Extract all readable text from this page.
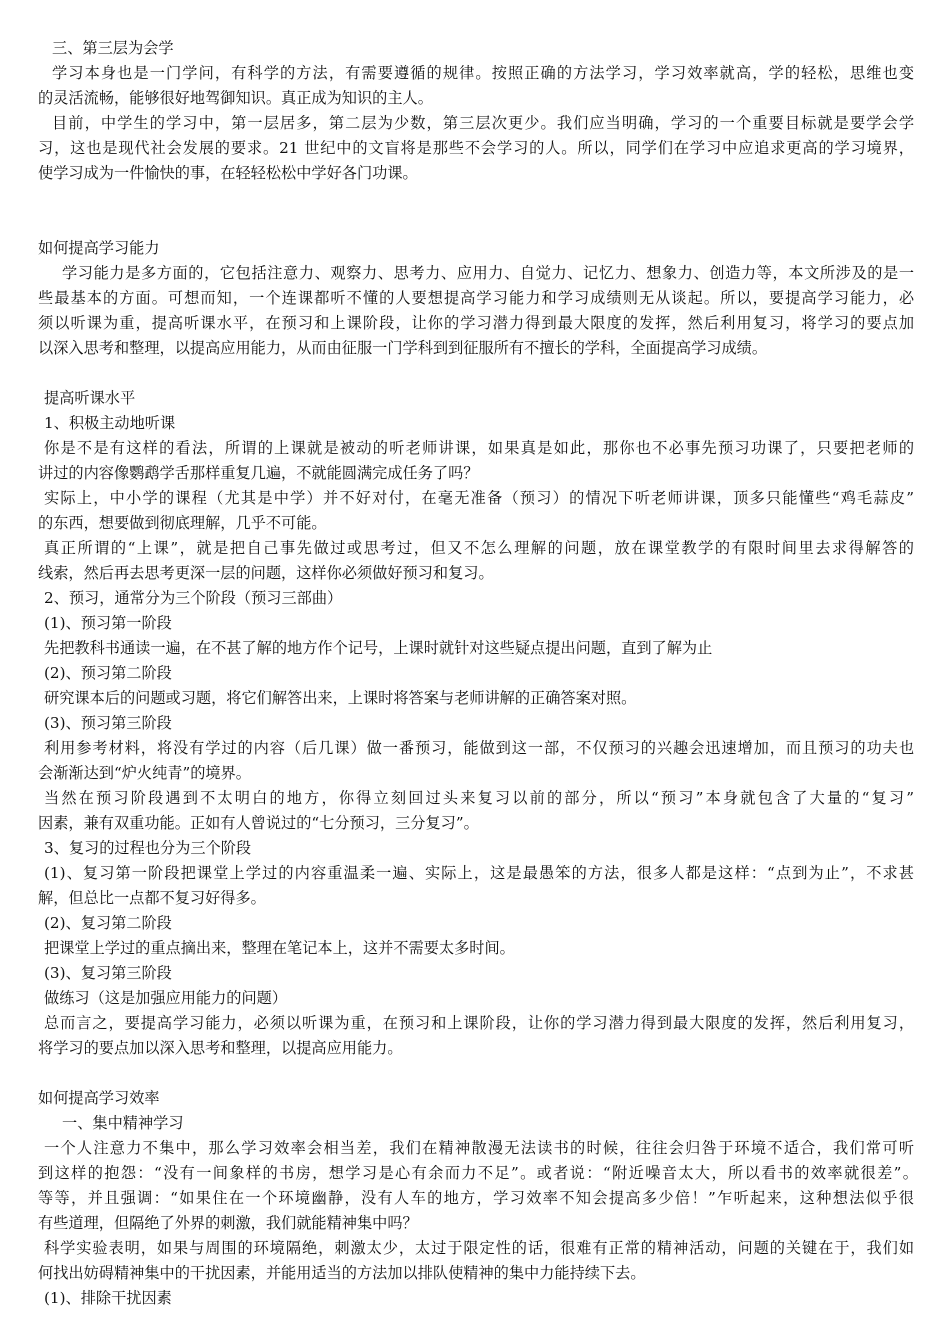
三、第三层为会学
学习本身也是一门学问，有科学的方法，有需要遵循的规律。按照正确的方法学习，学习效率就高，学的轻松，思维也变
的灵活流畅，能够很好地驾御知识。真正成为知识的主人。
目前，中学生的学习中，第一层居多，第二层为少数，第三层次更少。我们应当明确，学习的一个重要目标就是要学会学
习，这也是现代社会发展的要求。21 世纪中的文盲将是那些不会学习的人。所以，同学们在学习中应追求更高的学习境界，
使学习成为一件愉快的事，在轻轻松松中学好各门功课。
如何提高学习能力
学习能力是多方面的，它包括注意力、观察力、思考力、应用力、自觉力、记忆力、想象力、创造力等，本文所涉及的是一
些最基本的方面。可想而知，一个连课都听不懂的人要想提高学习能力和学习成绩则无从谈起。所以，要提高学习能力，必
须以听课为重，提高听课水平，在预习和上课阶段，让你的学习潜力得到最大限度的发挥，然后利用复习，将学习的要点加
以深入思考和整理，以提高应用能力，从而由征服一门学科到到征服所有不擅长的学科，全面提高学习成绩。
提高听课水平
1、积极主动地听课
你是不是有这样的看法，所谓的上课就是被动的听老师讲课，如果真是如此，那你也不必事先预习功课了，只要把老师的
讲过的内容像鹦鹉学舌那样重复几遍，不就能圆满完成任务了吗？
实际上，中小学的课程（尤其是中学）并不好对付，在毫无准备（预习）的情况下听老师讲课，顶多只能懂些“鸡毛蒜皮”
的东西，想要做到彻底理解，几乎不可能。
真正所谓的“上课”，就是把自己事先做过或思考过，但又不怎么理解的问题，放在课堂教学的有限时间里去求得解答的
线索，然后再去思考更深一层的问题，这样你必须做好预习和复习。
2、预习，通常分为三个阶段（预习三部曲）
(1)、预习第一阶段
先把教科书通读一遍，在不甚了解的地方作个记号，上课时就针对这些疑点提出问题，直到了解为止
(2)、预习第二阶段
研究课本后的问题或习题，将它们解答出来，上课时将答案与老师讲解的正确答案对照。
(3)、预习第三阶段
利用参考材料，将没有学过的内容（后几课）做一番预习，能做到这一部，不仅预习的兴趣会迅速增加，而且预习的功夫也
会渐渐达到“炉火纯青”的境界。
当然在预习阶段遇到不太明白的地方，你得立刻回过头来复习以前的部分，所以“预习”本身就包含了大量的“复习”
因素，兼有双重功能。正如有人曾说过的“七分预习，三分复习”。
3、复习的过程也分为三个阶段
(1)、复习第一阶段把课堂上学过的内容重温柔一遍、实际上，这是最愚笨的方法，很多人都是这样：“点到为止”，不求甚
解，但总比一点都不复习好得多。
(2)、复习第二阶段
把课堂上学过的重点摘出来，整理在笔记本上，这并不需要太多时间。
(3)、复习第三阶段
做练习（这是加强应用能力的问题）
总而言之，要提高学习能力，必须以听课为重，在预习和上课阶段，让你的学习潜力得到最大限度的发挥，然后利用复习，
将学习的要点加以深入思考和整理，以提高应用能力。
如何提高学习效率
一、集中精神学习
一个人注意力不集中，那么学习效率会相当差，我们在精神散漫无法读书的时候，往往会归咎于环境不适合，我们常可听
到这样的抱怨：“没有一间象样的书房，想学习是心有余而力不足”。或者说：“附近噪音太大，所以看书的效率就很差”。
等等，并且强调：“如果住在一个环境幽静，没有人车的地方，学习效率不知会提高多少倍！”乍听起来，这种想法似乎很
有些道理，但隔绝了外界的刺激，我们就能精神集中吗？
科学实验表明，如果与周围的环境隔绝，刺激太少，太过于限定性的话，很难有正常的精神活动，问题的关键在于，我们如
何找出妨碍精神集中的干扰因素，并能用适当的方法加以排队使精神的集中力能持续下去。
(1)、排除干扰因素
